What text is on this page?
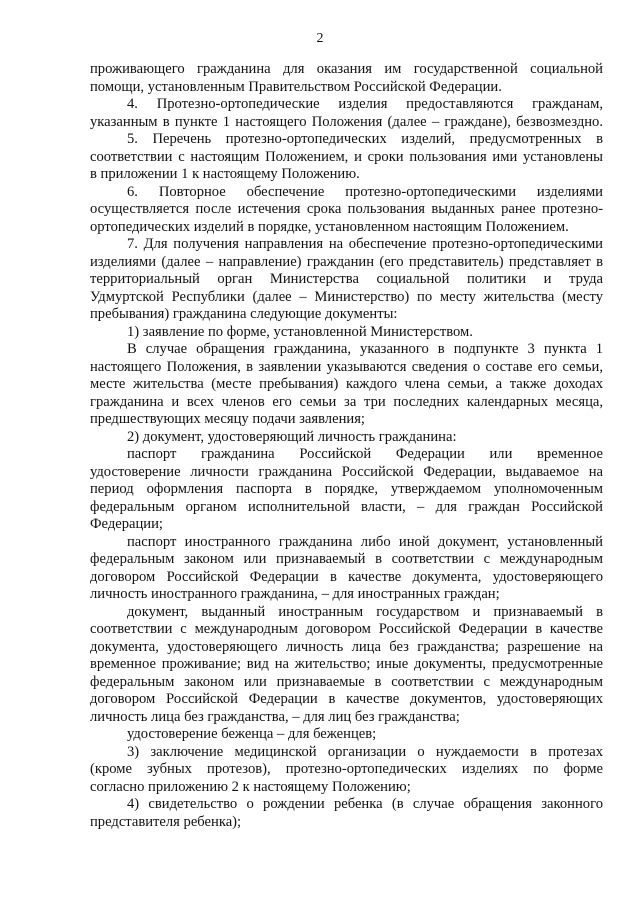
2
проживающего гражданина для оказания им государственной социальной
помощи, установленным Правительством Российской Федерации.
4. Протезно-ортопедические изделия предоставляются гражданам,
указанным в пункте 1 настоящего Положения (далее – граждане), безвозмездно.
5. Перечень протезно-ортопедических изделий, предусмотренных в
соответствии с настоящим Положением, и сроки пользования ими установлены
в приложении 1 к настоящему Положению.
6. Повторное обеспечение протезно-ортопедическими изделиями
осуществляется после истечения срока пользования выданных ранее протезно-
ортопедических изделий в порядке, установленном настоящим Положением.
7. Для получения направления на обеспечение протезно-ортопедическими
изделиями (далее – направление) гражданин (его представитель) представляет в
территориальный орган Министерства социальной политики и труда
Удмуртской Республики (далее – Министерство) по месту жительства (месту
пребывания) гражданина следующие документы:
1) заявление по форме, установленной Министерством.
В случае обращения гражданина, указанного в подпункте 3 пункта 1
настоящего Положения, в заявлении указываются сведения о составе его семьи,
месте жительства (месте пребывания) каждого члена семьи, а также доходах
гражданина и всех членов его семьи за три последних календарных месяца,
предшествующих месяцу подачи заявления;
2) документ, удостоверяющий личность гражданина:
паспорт гражданина Российской Федерации или временное
удостоверение личности гражданина Российской Федерации, выдаваемое на
период оформления паспорта в порядке, утверждаемом уполномоченным
федеральным органом исполнительной власти, – для граждан Российской
Федерации;
паспорт иностранного гражданина либо иной документ, установленный
федеральным законом или признаваемый в соответствии с международным
договором Российской Федерации в качестве документа, удостоверяющего
личность иностранного гражданина, – для иностранных граждан;
документ, выданный иностранным государством и признаваемый в
соответствии с международным договором Российской Федерации в качестве
документа, удостоверяющего личность лица без гражданства; разрешение на
временное проживание; вид на жительство; иные документы, предусмотренные
федеральным законом или признаваемые в соответствии с международным
договором Российской Федерации в качестве документов, удостоверяющих
личность лица без гражданства, – для лиц без гражданства;
удостоверение беженца – для беженцев;
3) заключение медицинской организации о нуждаемости в протезах
(кроме зубных протезов), протезно-ортопедических изделиях по форме
согласно приложению 2 к настоящему Положению;
4) свидетельство о рождении ребенка (в случае обращения законного
представителя ребенка);
